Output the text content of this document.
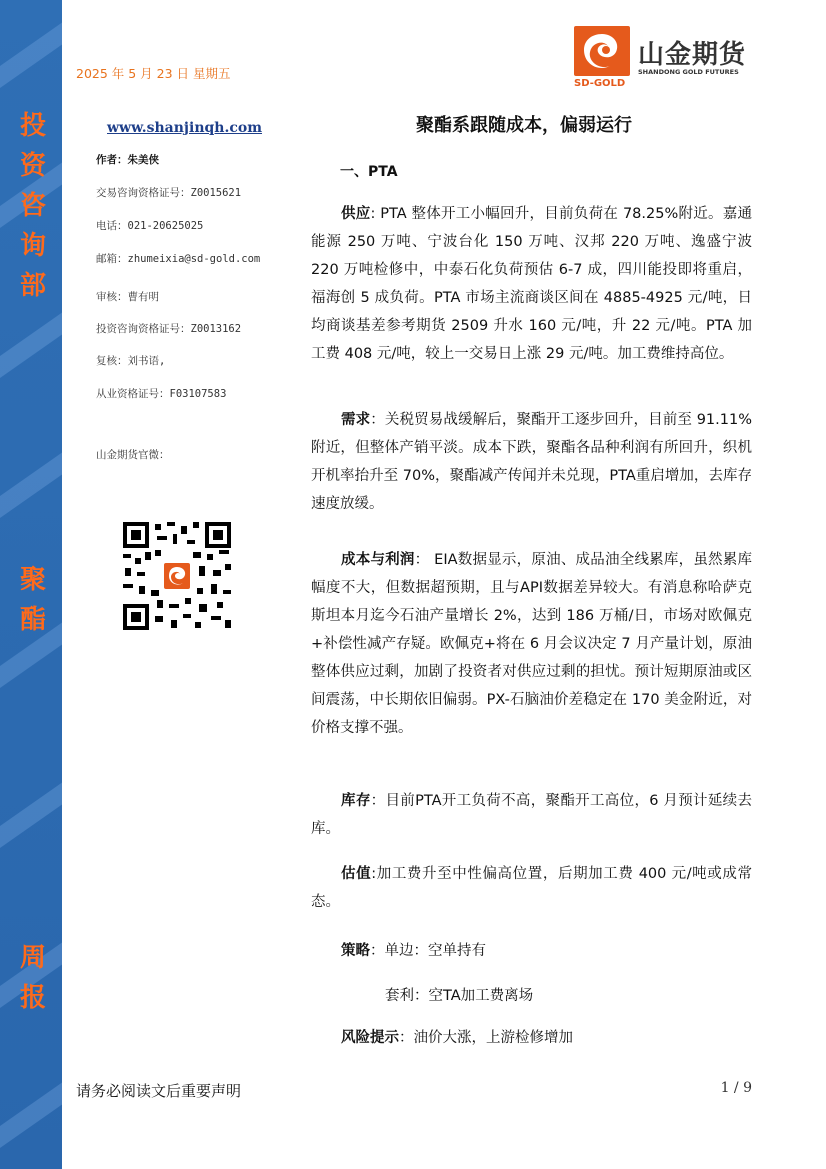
投
资
咨
询
部
聚
酯
周
报
2025 年 5 月 23 日 星期五
SD-GOLD
山金期货
SHANDONG GOLD FUTURES
www.shanjinqh.com
作者：朱美侠
交易咨询资格证号：Z0015621
电话：021-20625025
邮箱：zhumeixia@sd-gold.com
审核：曹有明
投资咨询资格证号：Z0013162
复核：刘书语,
从业资格证号：F03107583
山金期货官微：
聚酯系跟随成本，偏弱运行
一、PTA
供应: PTA 整体开工小幅回升，目前负荷在 78.25%附近。嘉通能源 250 万吨、宁波台化 150 万吨、汉邦 220 万吨、逸盛宁波 220 万吨检修中，中泰石化负荷预估 6-7 成，四川能投即将重启，福海创 5 成负荷。PTA 市场主流商谈区间在 4885-4925 元/吨，日均商谈基差参考期货 2509 升水 160 元/吨，升 22 元/吨。PTA 加工费 408 元/吨，较上一交易日上涨 29 元/吨。加工费维持高位。
需求：关税贸易战缓解后，聚酯开工逐步回升，目前至 91.11%附近，但整体产销平淡。成本下跌，聚酯各品种利润有所回升，织机开机率抬升至 70%，聚酯减产传闻并未兑现，PTA重启增加，去库存速度放缓。
成本与利润： EIA数据显示，原油、成品油全线累库，虽然累库幅度不大，但数据超预期，且与API数据差异较大。有消息称哈萨克斯坦本月迄今石油产量增长 2%，达到 186 万桶/日，市场对欧佩克+补偿性减产存疑。欧佩克+将在 6 月会议决定 7 月产量计划，原油整体供应过剩，加剧了投资者对供应过剩的担忧。预计短期原油或区间震荡，中长期依旧偏弱。PX-石脑油价差稳定在 170 美金附近，对价格支撑不强。
库存：目前PTA开工负荷不高，聚酯开工高位，6 月预计延续去库。
估值:加工费升至中性偏高位置，后期加工费 400 元/吨或成常态。
策略：单边：空单持有
套利：空TA加工费离场
风险提示：油价大涨，上游检修增加
请务必阅读文后重要声明	1 / 9
